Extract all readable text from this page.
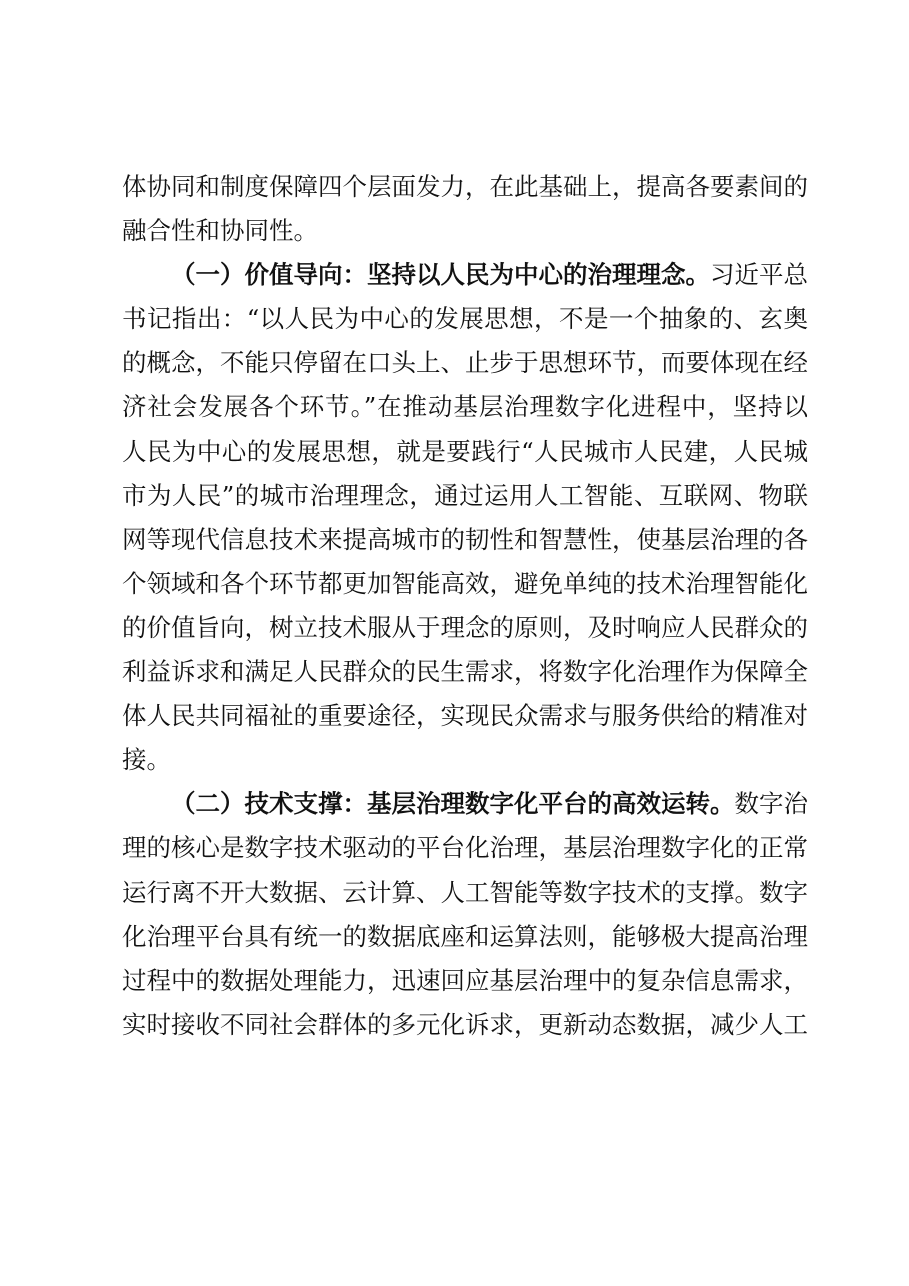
体协同和制度保障四个层面发力，在此基础上，提高各要素间的
融合性和协同性。
（一）价值导向：坚持以人民为中心的治理理念。习近平总
书记指出：“以人民为中心的发展思想，不是一个抽象的、玄奥
的概念，不能只停留在口头上、止步于思想环节，而要体现在经
济社会发展各个环节。”在推动基层治理数字化进程中，坚持以
人民为中心的发展思想，就是要践行“人民城市人民建，人民城
市为人民”的城市治理理念，通过运用人工智能、互联网、物联
网等现代信息技术来提高城市的韧性和智慧性，使基层治理的各
个领域和各个环节都更加智能高效，避免单纯的技术治理智能化
的价值旨向，树立技术服从于理念的原则，及时响应人民群众的
利益诉求和满足人民群众的民生需求，将数字化治理作为保障全
体人民共同福祉的重要途径，实现民众需求与服务供给的精准对
接。
（二）技术支撑：基层治理数字化平台的高效运转。数字治
理的核心是数字技术驱动的平台化治理，基层治理数字化的正常
运行离不开大数据、云计算、人工智能等数字技术的支撑。数字
化治理平台具有统一的数据底座和运算法则，能够极大提高治理
过程中的数据处理能力，迅速回应基层治理中的复杂信息需求，
实时接收不同社会群体的多元化诉求，更新动态数据，减少人工
